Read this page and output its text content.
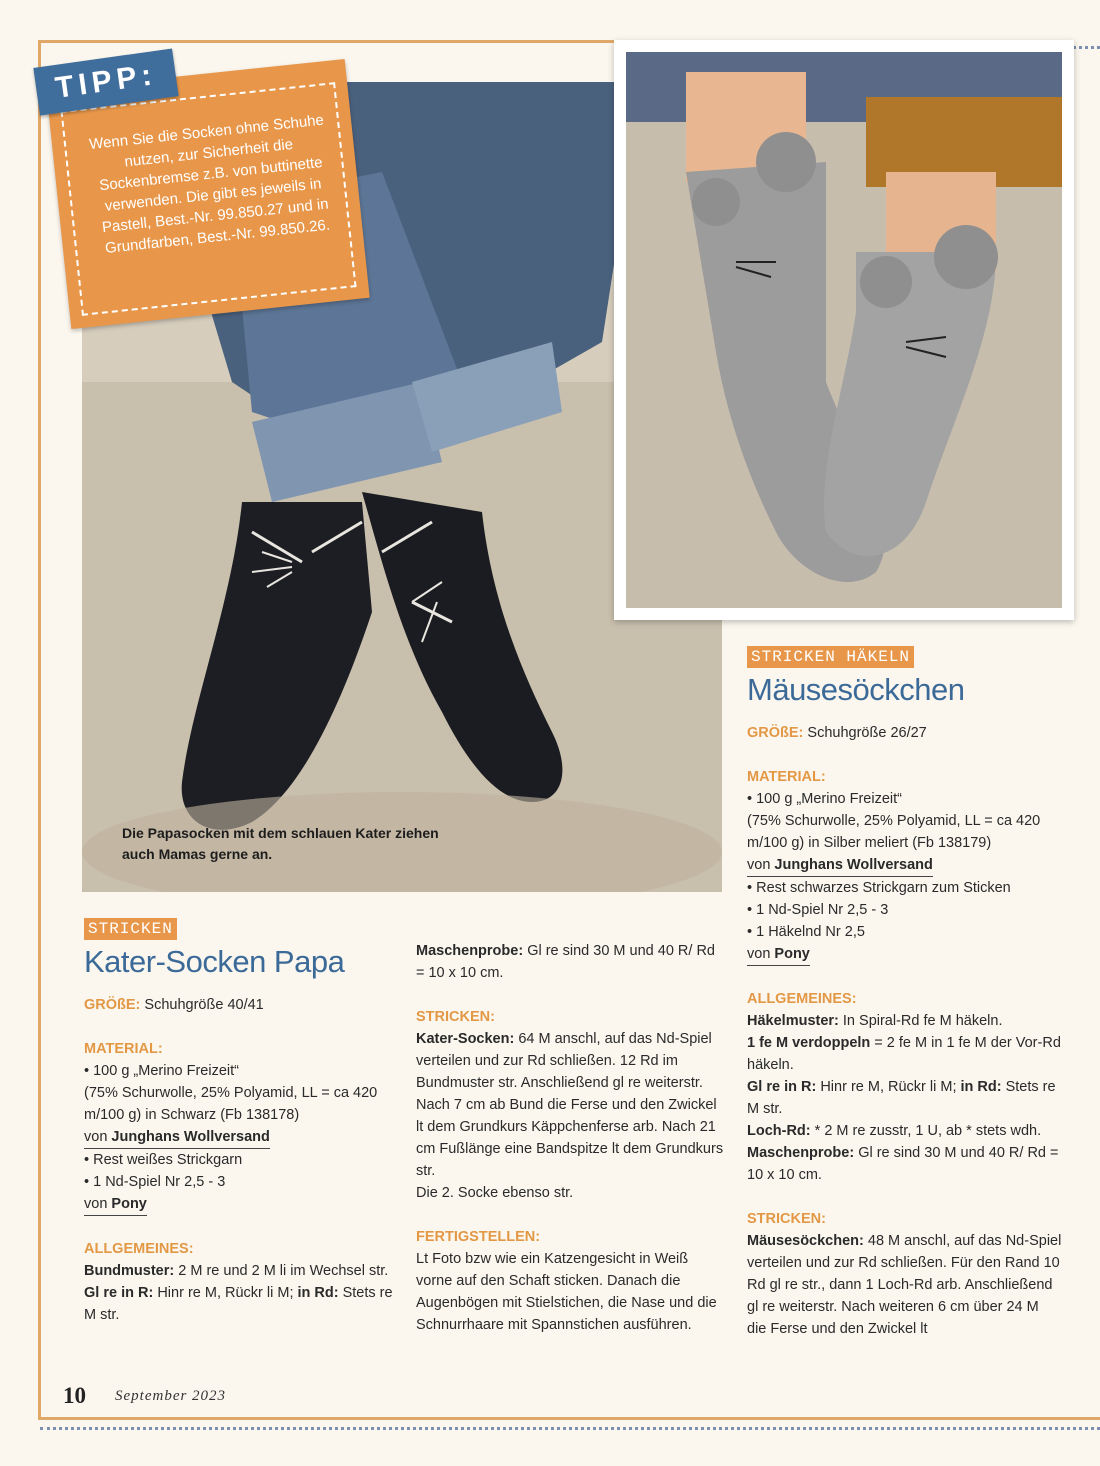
Wenn Sie die Socken ohne Schuhe nutzen, zur Sicherheit die Sockenbremse z.B. von buttinette verwenden. Die gibt es jeweils in Pastell, Best.-Nr. 99.850.27 und in Grundfarben, Best.-Nr. 99.850.26.
TIPP:
Die Papasocken mit dem schlauen Kater ziehen auch Mamas gerne an.
STRICKEN
Kater-Socken Papa

GRÖßE: Schuhgröße 40/41

MATERIAL:

• 100 g „Merino Freizeit“

(75% Schurwolle, 25% Polyamid, LL = ca 420 m/100 g) in Schwarz (Fb 138178)

von Junghans Wollversand

• Rest weißes Strickgarn

• 1 Nd-Spiel Nr 2,5 - 3

von Pony

ALLGEMEINES:

Bundmuster: 2 M re und 2 M li im Wechsel str.

Gl re in R: Hinr re M, Rückr li M; in Rd: Stets re M str.

Maschenprobe: Gl re sind 30 M und 40 R/ Rd = 10 x 10 cm.

STRICKEN:

Kater-Socken: 64 M anschl, auf das Nd-Spiel verteilen und zur Rd schließen. 12 Rd im Bundmuster str. Anschließend gl re weiterstr. Nach 7 cm ab Bund die Ferse und den Zwickel lt dem Grundkurs Käppchenferse arb. Nach 21 cm Fußlänge eine Bandspitze lt dem Grundkurs str.

Die 2. Socke ebenso str.

FERTIGSTELLEN:

Lt Foto bzw wie ein Katzengesicht in Weiß vorne auf den Schaft sticken. Danach die Augenbögen mit Stielstichen, die Nase und die Schnurrhaare mit Spannstichen ausführen.

STRICKEN HÄKELN
Mäusesöckchen

GRÖßE: Schuhgröße 26/27

MATERIAL:

• 100 g „Merino Freizeit“

(75% Schurwolle, 25% Polyamid, LL = ca 420 m/100 g) in Silber meliert (Fb 138179)

von Junghans Wollversand

• Rest schwarzes Strickgarn zum Sticken

• 1 Nd-Spiel Nr 2,5 - 3

• 1 Häkelnd Nr 2,5

von Pony

ALLGEMEINES:

Häkelmuster: In Spiral-Rd fe M häkeln.

1 fe M verdoppeln = 2 fe M in 1 fe M der Vor-Rd häkeln.

Gl re in R: Hinr re M, Rückr li M; in Rd: Stets re M str.

Loch-Rd: * 2 M re zusstr, 1 U, ab * stets wdh.

Maschenprobe: Gl re sind 30 M und 40 R/ Rd = 10 x 10 cm.

STRICKEN:

Mäusesöckchen: 48 M anschl, auf das Nd-Spiel verteilen und zur Rd schließen. Für den Rand 10 Rd gl re str., dann 1 Loch-Rd arb. Anschließend gl re weiterstr. Nach weiteren 6 cm über 24 M die Ferse und den Zwickel lt

10 September 2023
